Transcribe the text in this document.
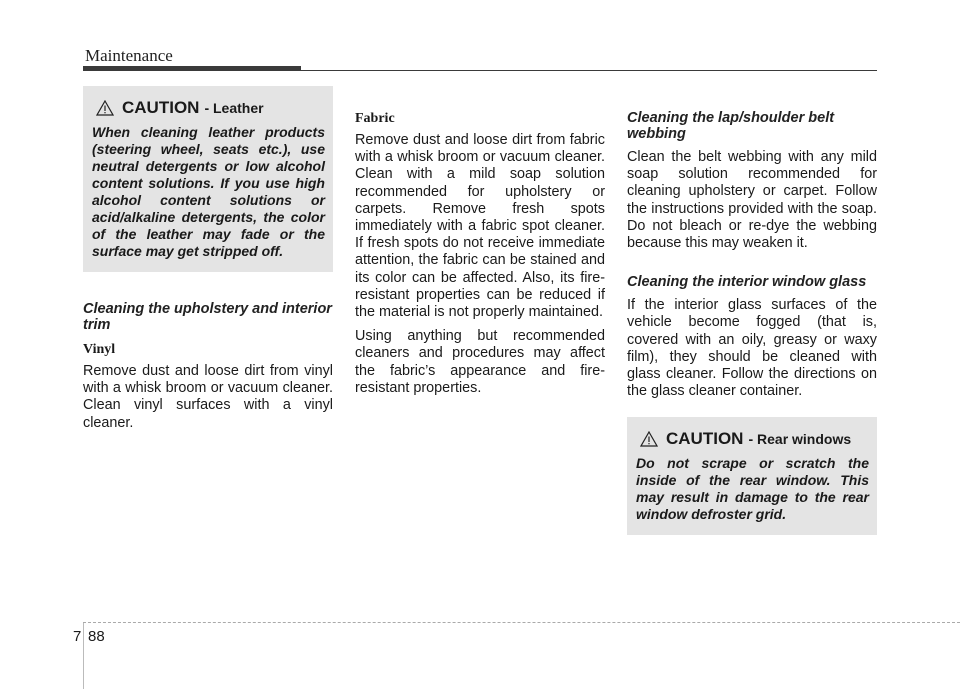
Maintenance
CAUTION - Leather
When cleaning leather products (steering wheel, seats etc.), use neutral detergents or low alcohol content solutions. If you use high alcohol content solutions or acid/alkaline detergents, the color of the leather may fade or the surface may get stripped off.
Cleaning the upholstery and interior trim
Vinyl
Remove dust and loose dirt from vinyl with a whisk broom or vacuum cleaner. Clean vinyl surfaces with a vinyl cleaner.
Fabric
Remove dust and loose dirt from fabric with a whisk broom or vacuum cleaner. Clean with a mild soap solution recommended for upholstery or carpets. Remove fresh spots immediately with a fabric spot cleaner. If fresh spots do not receive immediate attention, the fabric can be stained and its color can be affected. Also, its fire-resistant properties can be reduced if the material is not properly maintained.
Using anything but recommended cleaners and procedures may affect the fabric’s appearance and fire-resistant properties.
Cleaning the lap/shoulder belt webbing
Clean the belt webbing with any mild soap solution recommended for cleaning upholstery or carpet. Follow the instructions provided with the soap. Do not bleach or re-dye the webbing because this may weaken it.
Cleaning the interior window glass
If the interior glass surfaces of the vehicle become fogged (that is, covered with an oily, greasy or waxy film), they should be cleaned with glass cleaner. Follow the directions on the glass cleaner container.
CAUTION - Rear windows
Do not scrape or scratch the inside of the rear window. This may result in damage to the rear window defroster grid.
7 88
